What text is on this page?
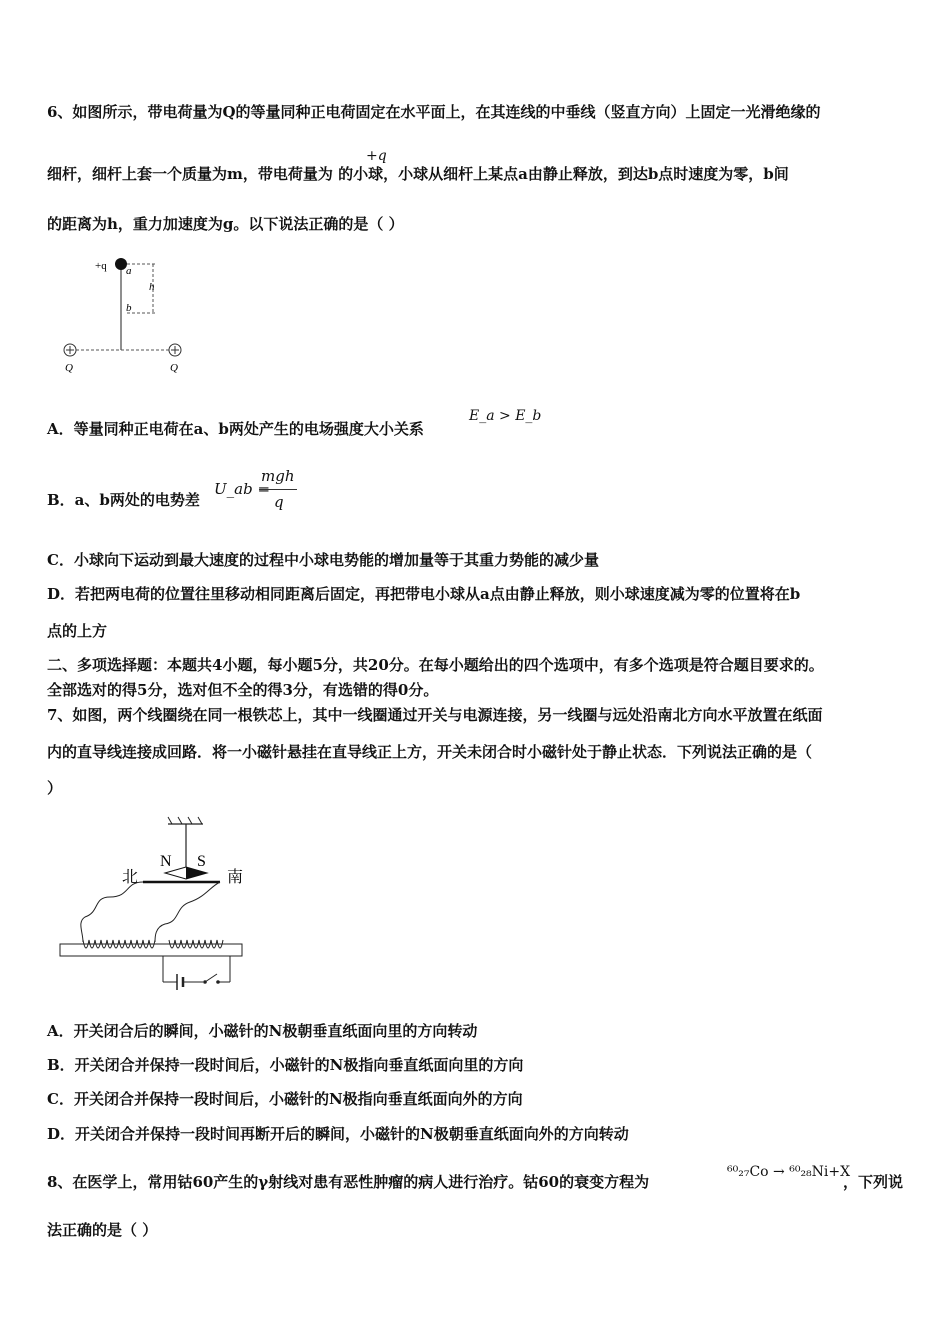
6、如图所示，带电荷量为Q的等量同种正电荷固定在水平面上，在其连线的中垂线（竖直方向）上固定一光滑绝缘的
细杆，细杆上套一个质量为m，带电荷量为 的小球，小球从细杆上某点a由静止释放，到达b点时速度为零，b间
+q
的距离为h，重力加速度为g。以下说法正确的是（ ）
+q a
b
h
Q	Q
A．等量同种正电荷在a、b两处产生的电场强度大小关系
E_a > E_b
B．a、b两处的电势差
U_ab =
mgh
q
C．小球向下运动到最大速度的过程中小球电势能的增加量等于其重力势能的减少量
D．若把两电荷的位置往里移动相同距离后固定，再把带电小球从a点由静止释放，则小球速度减为零的位置将在b
点的上方
二、多项选择题：本题共4小题，每小题5分，共20分。在每小题给出的四个选项中，有多个选项是符合题目要求的。
全部选对的得5分，选对但不全的得3分，有选错的得0分。
7、如图，两个线圈绕在同一根铁芯上，其中一线圈通过开关与电源连接，另一线圈与远处沿南北方向水平放置在纸面
内的直导线连接成回路．将一小磁针悬挂在直导线正上方，开关未闭合时小磁针处于静止状态．下列说法正确的是（
）
N S
北	南
A．开关闭合后的瞬间，小磁针的N极朝垂直纸面向里的方向转动
B．开关闭合并保持一段时间后，小磁针的N极指向垂直纸面向里的方向
C．开关闭合并保持一段时间后，小磁针的N极指向垂直纸面向外的方向
D．开关闭合并保持一段时间再断开后的瞬间，小磁针的N极朝垂直纸面向外的方向转动
8、在医学上，常用钴60产生的γ射线对患有恶性肿瘤的病人进行治疗。钴60的衰变方程为
⁶⁰₂₇Co → ⁶⁰₂₈Ni+X
，下列说
法正确的是（ ）
